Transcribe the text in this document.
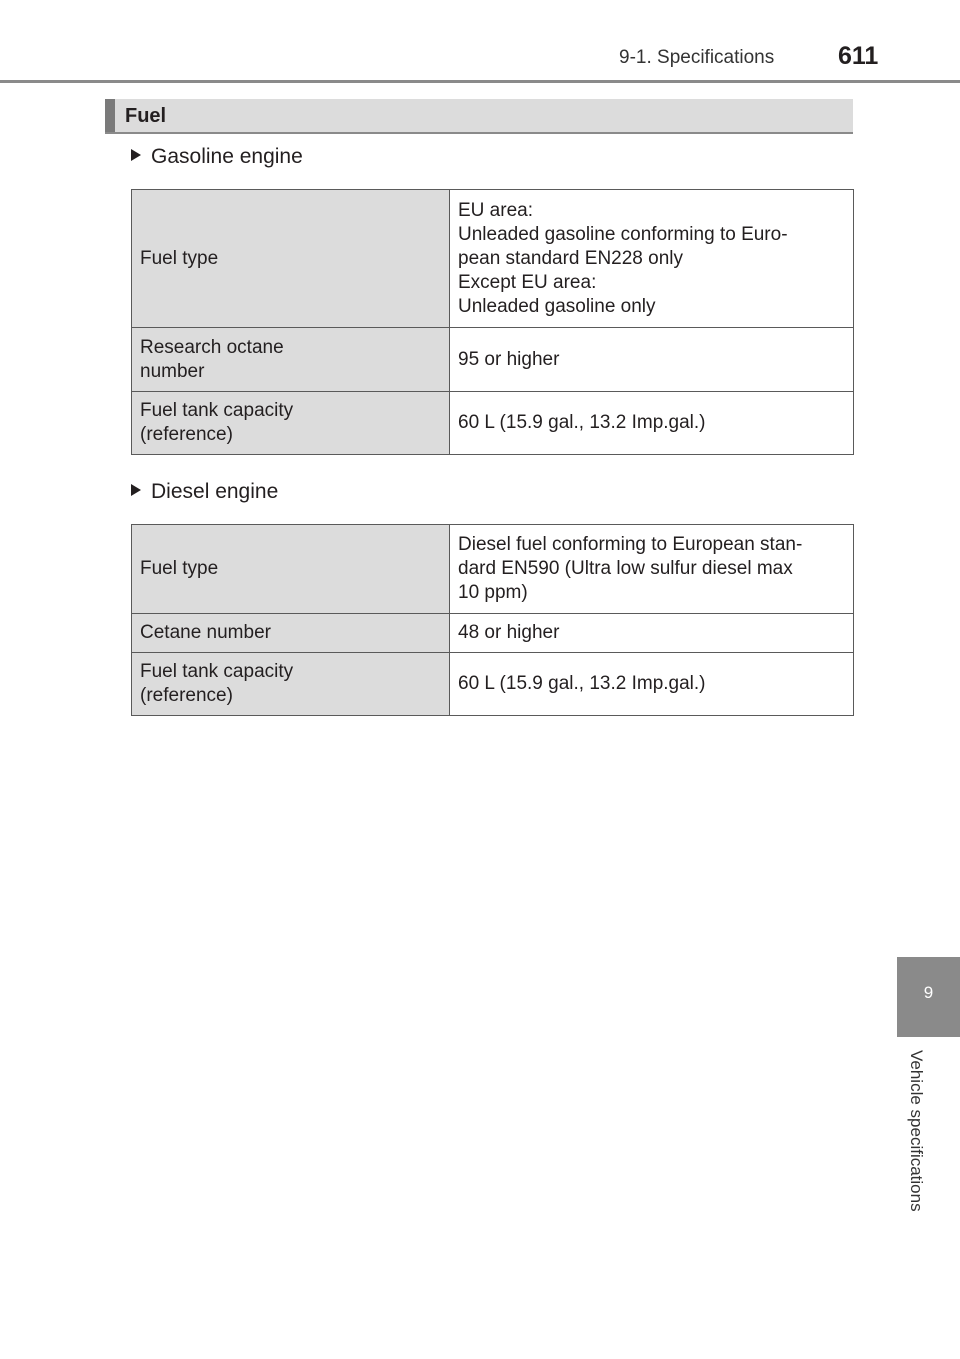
9-1. Specifications	611
Fuel
Gasoline engine
Fuel type	EU area:
Unleaded gasoline conforming to Euro-
pean standard EN228 only
Except EU area:
Unleaded gasoline only

Research octane
number	95 or higher

Fuel tank capacity
(reference)	60 L (15.9 gal., 13.2 Imp.gal.)
Diesel engine
Fuel type	Diesel fuel conforming to European stan-
dard EN590 (Ultra low sulfur diesel max
10 ppm)

Cetane number	48 or higher

Fuel tank capacity
(reference)	60 L (15.9 gal., 13.2 Imp.gal.)
9
Vehicle specifications
